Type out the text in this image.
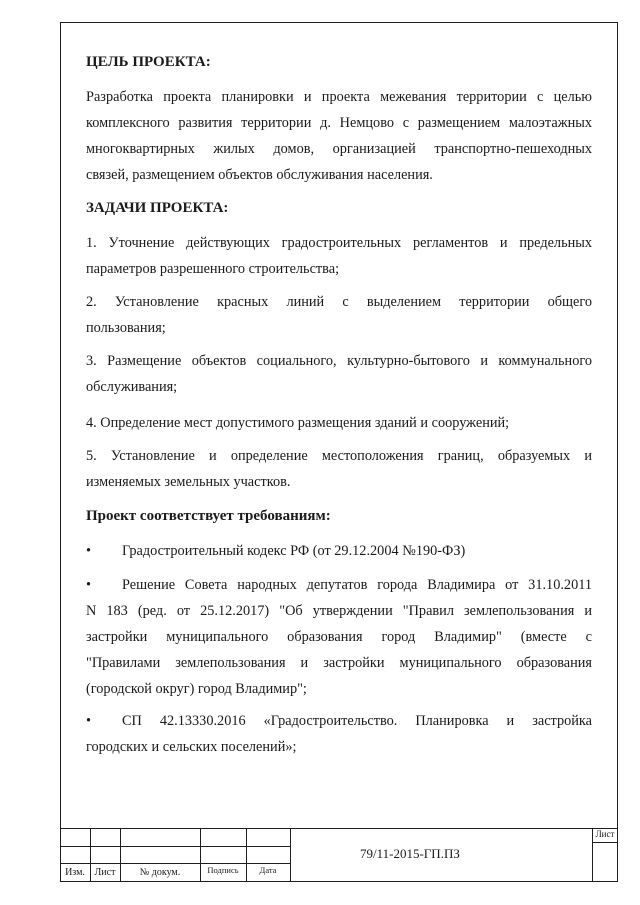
ЦЕЛЬ ПРОЕКТА:
Разработка проекта планировки и проекта межевания территории с целью
комплексного развития территории д. Немцово с размещением малоэтажных
многоквартирных жилых домов, организацией транспортно-пешеходных
связей, размещением объектов обслуживания населения.
ЗАДАЧИ ПРОЕКТА:
1. Уточнение действующих градостроительных регламентов и предельных
параметров разрешенного строительства;
2. Установление красных линий с выделением территории общего
пользования;
3. Размещение объектов социального, культурно-бытового и коммунального
обслуживания;
4. Определение мест допустимого размещения зданий и сооружений;
5. Установление и определение местоположения границ, образуемых и
изменяемых земельных участков.
Проект соответствует требованиям:
• Градостроительный кодекс РФ (от 29.12.2004 №190-ФЗ)
• Решение Совета народных депутатов города Владимира от 31.10.2011
N 183 (ред. от 25.12.2017) "Об утверждении "Правил землепользования и
застройки муниципального образования город Владимир" (вместе с
"Правилами землепользования и застройки муниципального образования
(городской округ) город Владимир";
• СП 42.13330.2016 «Градостроительство. Планировка и застройка
городских и сельских поселений»;
Лист
79/11-2015-ГП.ПЗ
Изм. Лист	№ докум.	Подпись	Дата
